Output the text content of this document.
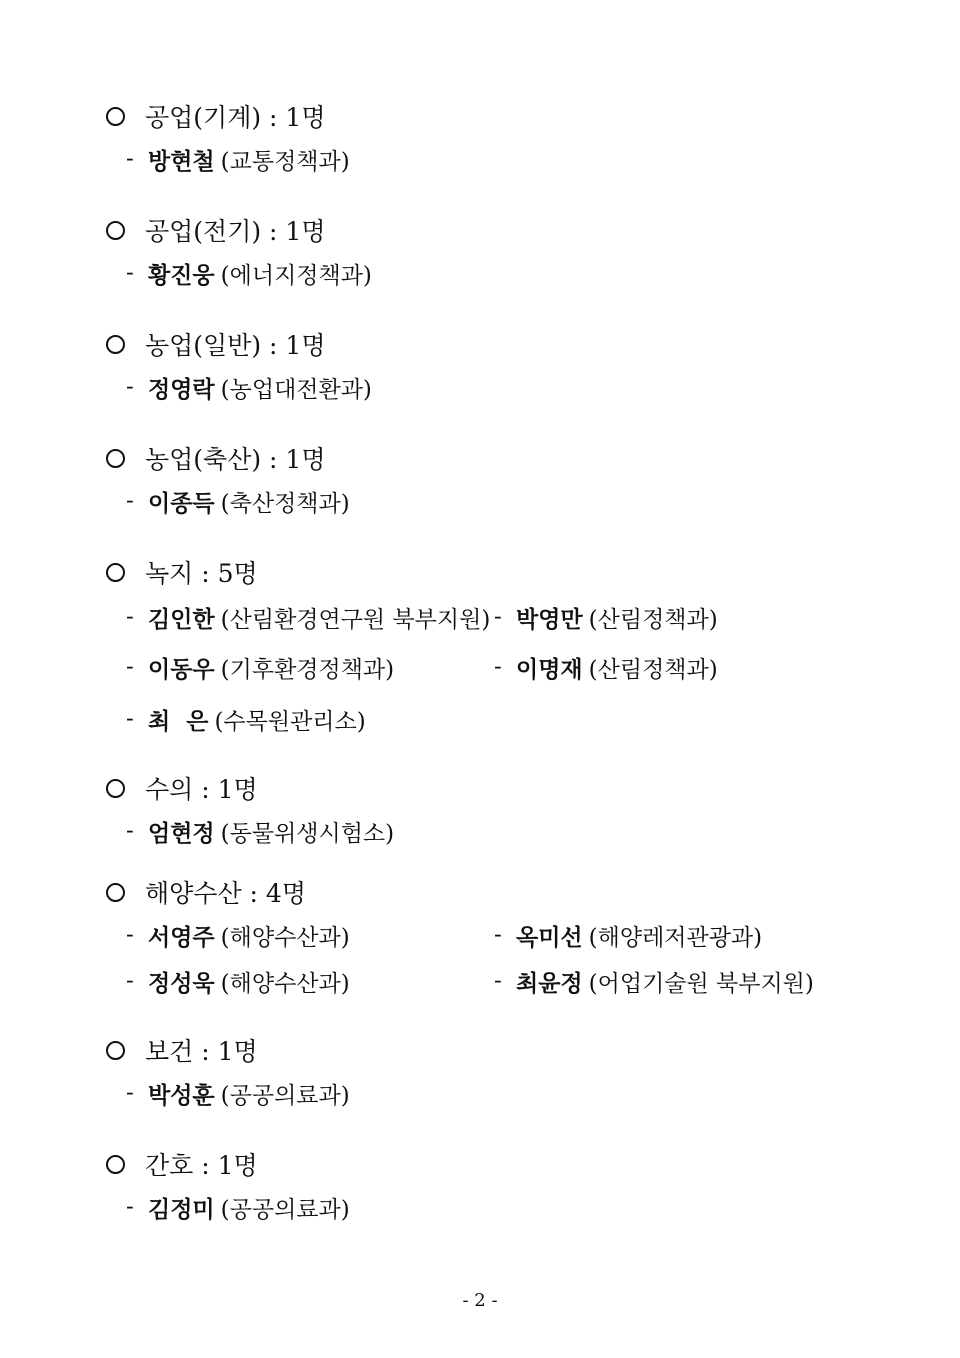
공업(기계) : 1명
- 방현철 (교통정책과)
공업(전기) : 1명
- 황진웅 (에너지정책과)
농업(일반) : 1명
- 정영락 (농업대전환과)
농업(축산) : 1명
- 이종득 (축산정책과)
녹지 : 5명
- 김인한 (산림환경연구원 북부지원) - 박영만 (산림정책과)
- 이동우 (기후환경정책과)	- 이명재 (산림정책과)
- 최  은 (수목원관리소)
수의 : 1명
- 엄현정 (동물위생시험소)
해양수산 : 4명
- 서영주 (해양수산과)	- 옥미선 (해양레저관광과)
- 정성욱 (해양수산과)	- 최윤정 (어업기술원 북부지원)
보건 : 1명
- 박성훈 (공공의료과)
간호 : 1명
- 김정미 (공공의료과)
- 2 -
